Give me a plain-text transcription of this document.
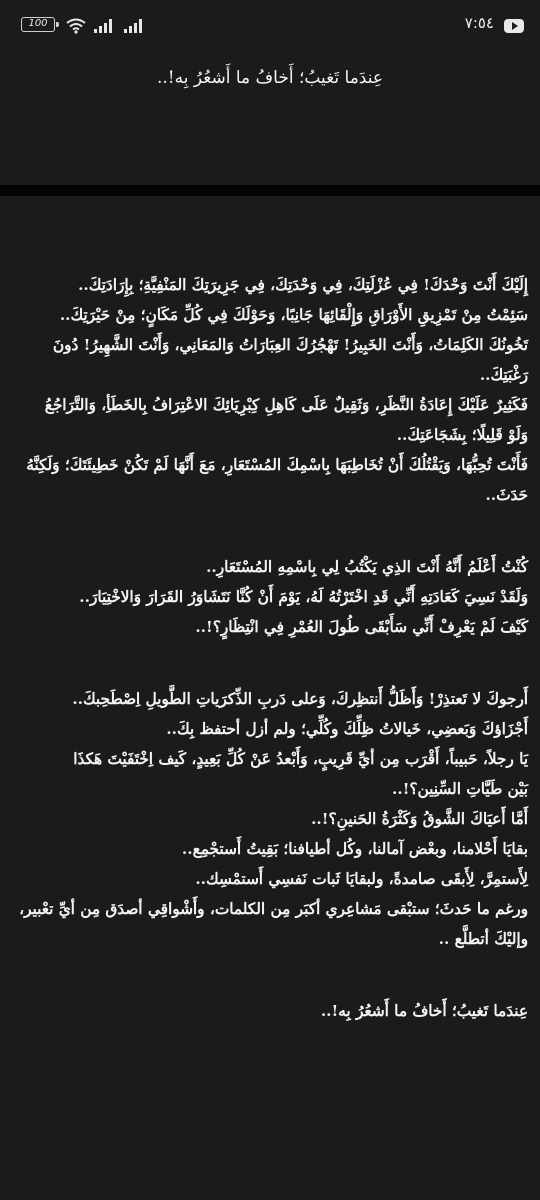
100	٧:٥٤
عِندَما تَغيبُ؛ أَخافُ ما أَشعُرُ بِه!..

إِلَيْكَ أَنْتَ وَحْدَكَ! فِي عُزْلَتِكَ، فِي وَحْدَتِكَ، فِي جَزِيرَتِكَ المَنْفِيَّةِ؛ بِإِرَادَتِكَ..

سَئِمْتُ مِنْ تَمْزِيقِ الأَوْرَاقِ وَإِلْقَائِهَا جَانِبًا، وَحَوْلَكَ فِي كُلِّ مَكَانٍ؛ مِنْ حَيْرَتِكَ..

تَخُونُكَ الكَلِمَاتُ، وَأَنْتَ الخَبِيرُ! تَهْجُرُكَ العِبَارَاتُ وَالمَعَانِي، وَأَنْتَ الشَّهِيرُ! دُونَ

رَغْبَتِكَ..

فَكَثِيرٌ عَلَيْكَ إِعَادَةُ النَّظَرِ، وَثَقِيلٌ عَلَى كَاهِلِ كِبْرِيَائِكَ الاعْتِرَافُ بِالخَطَأِ، وَالتَّرَاجُعُ

وَلَوْ قَلِيلًا؛ بِشَجَاعَتِكَ..

فَأَنْتَ تُحِبُّهَا، وَيَقْتُلُكَ أَنْ تُخَاطِبَهَا بِاسْمِكَ المُسْتَعَارِ، مَعَ أَنَّهَا لَمْ تَكُنْ خَطِيئَتَكَ؛ وَلَكِنَّهُ

حَدَثَ..

كُنْتُ أَعْلَمُ أَنَّهُ أَنْتَ الذِي يَكْتُبُ لِي بِاسْمِهِ المُسْتَعَارِ..

وَلَقَدْ نَسِيَ كَعَادَتِهِ أَنِّي قَدِ اخْتَرْتُهُ لَهُ، يَوْمَ أَنْ كُنَّا نَتَشَاوَرُ القَرَارَ وَالاخْتِيَارَ..

كَيْفَ لَمْ يَعْرِفْ أَنِّي سَأَبْقَى طُولَ العُمْرِ فِي انْتِظَارٍ؟!..

أَرجوكَ لا تَعتذِرْ! وَأَظَلُّ أَنتظِركَ، وَعلى دَربِ الذِّكرَياتِ الطَّويلِ اِصْطَحِبكَ..

أَجْزَاؤكَ وَبَعضِي، خَيالاتُ ظِلِّكَ وكُلِّي؛ ولم أزل أحتفظ بِكَ..

يَا رجلاً، حَبيباً، أَقْرَب مِن أيِّ قَرِيبٍ، وَأَبْعدُ عَنْ كُلِّ بَعِيدٍ، كَيف اِخْتَفَيْتَ هَكذَا

بَيْن طَيَّاتِ السِّنِين؟!..

أَمَّا أَعيَاكَ الشَّوقُ وَكَثْرَةُ الحَنينِ؟!..

بقايَا أَحْلامنا، وبعْض آمالنا، وكُل أطيافنا؛ بَقِيتُ أَستجْمِع..

لِأَستمِرَّ، لِأَبقَى صامدةً، ولبقايَا ثَبات نَفسِي أَستمْسِك..

ورغم ما حَدثَ؛ ستبْقى مَشاعِري أكبَر مِن الكلمات، وأَشْواقِي أصدَق مِن أيِّ تعْبير،

وإليْكَ أتطلَّع ..

عِندَما تَغيبُ؛ أَخافُ ما أَشعُرُ بِه!..
